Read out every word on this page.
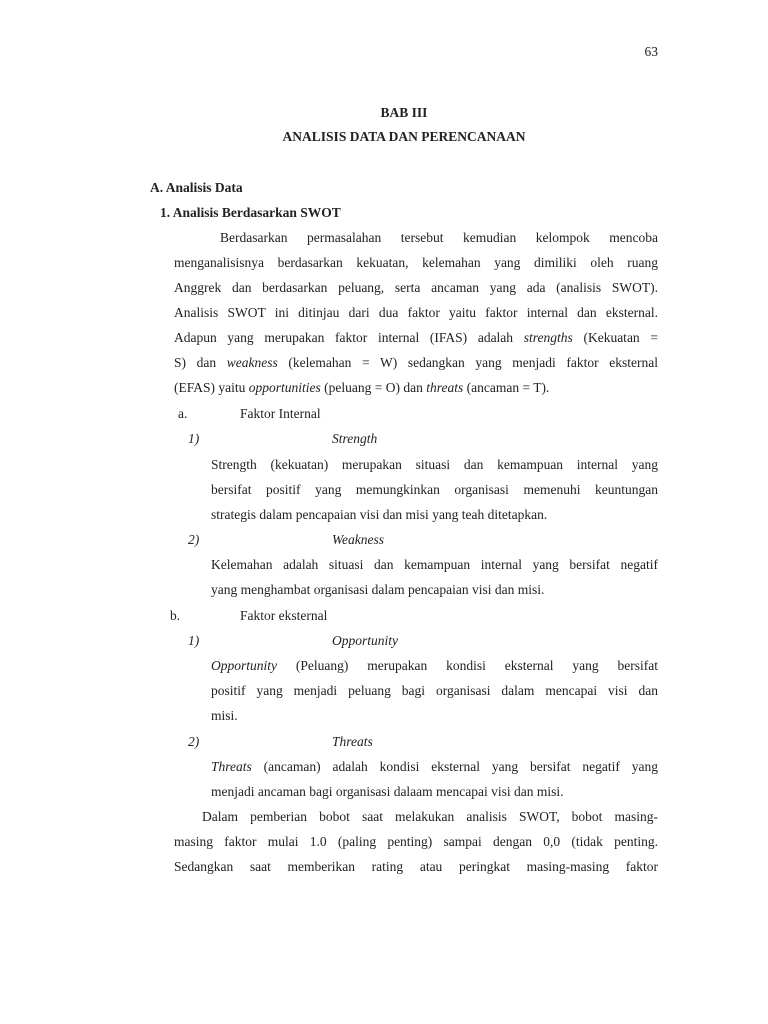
63
BAB III
ANALISIS DATA DAN PERENCANAAN
A. Analisis Data
1. Analisis Berdasarkan SWOT
Berdasarkan permasalahan tersebut kemudian kelompok mencoba
menganalisisnya berdasarkan kekuatan, kelemahan yang dimiliki oleh ruang
Anggrek dan berdasarkan peluang, serta ancaman yang ada (analisis SWOT).
Analisis SWOT ini ditinjau dari dua faktor yaitu faktor internal dan eksternal.
Adapun yang merupakan faktor internal (IFAS) adalah strengths (Kekuatan =
S) dan weakness (kelemahan = W) sedangkan yang menjadi faktor eksternal
(EFAS) yaitu opportunities (peluang = O) dan threats (ancaman = T).
a.	Faktor Internal
1)	Strength
Strength (kekuatan) merupakan situasi dan kemampuan internal yang
bersifat positif yang memungkinkan organisasi memenuhi keuntungan
strategis dalam pencapaian visi dan misi yang teah ditetapkan.
2)	Weakness
Kelemahan adalah situasi dan kemampuan internal yang bersifat negatif
yang menghambat organisasi dalam pencapaian visi dan misi.
b.	Faktor eksternal
1)	Opportunity
Opportunity (Peluang) merupakan kondisi eksternal yang bersifat
positif yang menjadi peluang bagi organisasi dalam mencapai visi dan
misi.
2)	Threats
Threats (ancaman) adalah kondisi eksternal yang bersifat negatif yang
menjadi ancaman bagi organisasi dalaam mencapai visi dan misi.
Dalam pemberian bobot saat melakukan analisis SWOT, bobot masing-
masing faktor mulai 1.0 (paling penting) sampai dengan 0,0 (tidak penting.
Sedangkan saat memberikan rating atau peringkat masing-masing faktor
